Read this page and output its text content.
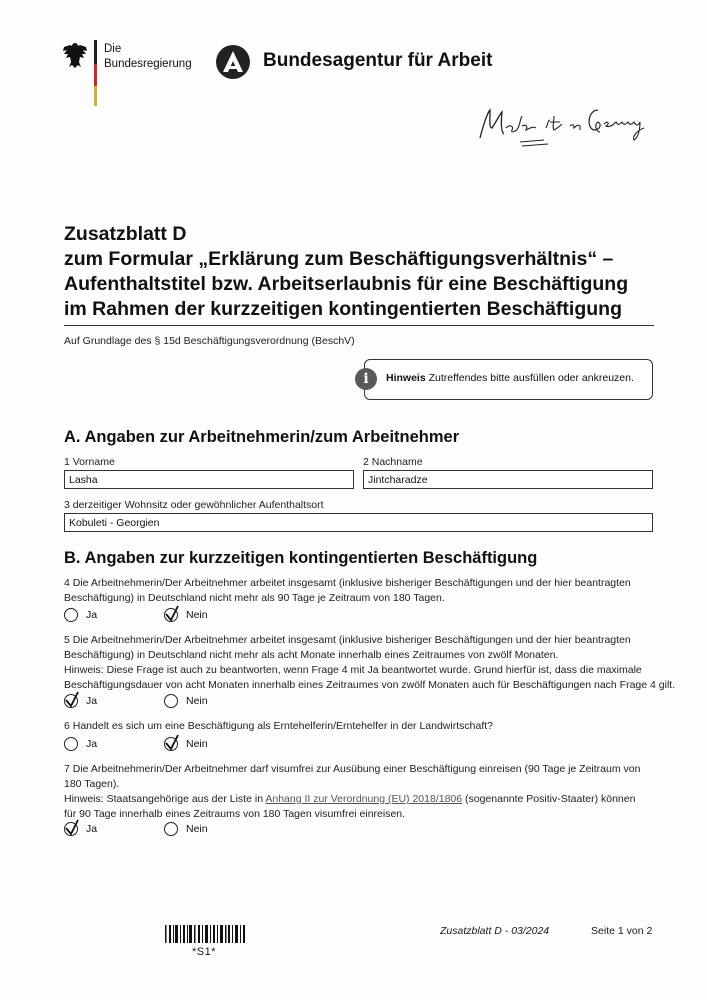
Die
Bundesregierung	Bundesagentur für Arbeit
Zusatzblatt D
zum Formular „Erklärung zum Beschäftigungsverhältnis“ –
Aufenthaltstitel bzw. Arbeitserlaubnis für eine Beschäftigung
im Rahmen der kurzzeitigen kontingentierten Beschäftigung
Auf Grundlage des § 15d Beschäftigungsverordnung (BeschV)
i	Hinweis Zutreffendes bitte ausfüllen oder ankreuzen.
A. Angaben zur Arbeitnehmerin/zum Arbeitnehmer
1 Vorname
Lasha
2 Nachname
Jintcharadze
3 derzeitiger Wohnsitz oder gewöhnlicher Aufenthaltsort
Kobuleti - Georgien
B. Angaben zur kurzzeitigen kontingentierten Beschäftigung
4 Die Arbeitnehmerin/Der Arbeitnehmer arbeitet insgesamt (inklusive bisheriger Beschäftigungen und der hier beantragten
Beschäftigung) in Deutschland nicht mehr als 90 Tage je Zeitraum von 180 Tagen.
Ja	Nein
5 Die Arbeitnehmerin/Der Arbeitnehmer arbeitet insgesamt (inklusive bisheriger Beschäftigungen und der hier beantragten
Beschäftigung) in Deutschland nicht mehr als acht Monate innerhalb eines Zeitraumes von zwölf Monaten.
Hinweis: Diese Frage ist auch zu beantworten, wenn Frage 4 mit Ja beantwortet wurde. Grund hierfür ist, dass die maximale
Beschäftigungsdauer von acht Monaten innerhalb eines Zeitraumes von zwölf Monaten auch für Beschäftigungen nach Frage 4 gilt.
Ja	Nein
6 Handelt es sich um eine Beschäftigung als Erntehelferin/Erntehelfer in der Landwirtschaft?
Ja	Nein
7 Die Arbeitnehmerin/Der Arbeitnehmer darf visumfrei zur Ausübung einer Beschäftigung einreisen (90 Tage je Zeitraum von
180 Tagen).
Hinweis: Staatsangehörige aus der Liste in Anhang II zur Verordnung (EU) 2018/1806 (sogenannte Positiv-Staater) können
für 90 Tage innerhalb eines Zeitraums von 180 Tagen visumfrei einreisen.
Ja	Nein
*S1*
Zusatzblatt D - 03/2024	Seite 1 von 2
